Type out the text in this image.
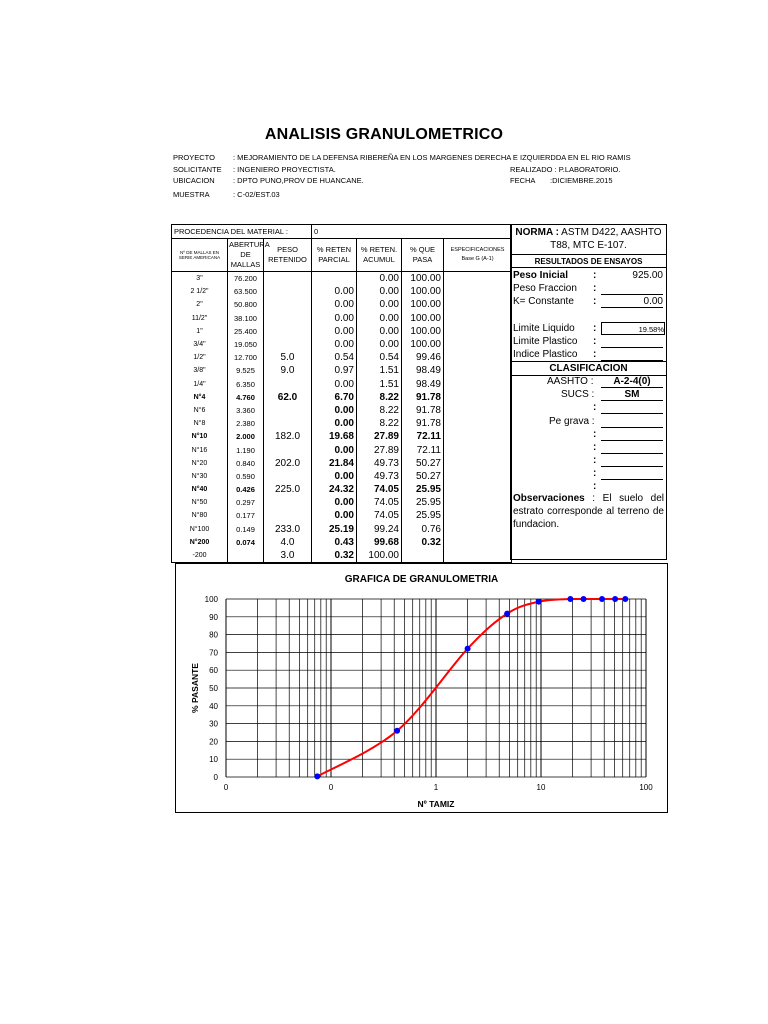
ANALISIS GRANULOMETRICO
PROYECTO : MEJORAMIENTO DE LA DEFENSA RIBEREÑA EN LOS MARGENES DERECHA E IZQUIERDDA EN EL RIO RAMIS
SOLICITANTE : INGENIERO PROYECTISTA.	REALIZADO : P.LABORATORIO.
UBICACION : DPTO PUNO,PROV DE HUANCANE.	FECHA :DICIEMBRE.2015
MUESTRA	: C-02/EST.03
PROCEDENCIA DEL MATERIAL :			0			
Nº DE MALLAS EN SERIE AMERICANA	ABERTURA DE MALLAS	PESO RETENIDO	% RETEN PARCIAL	% RETEN. ACUMUL	% QUE PASA	ESPECIFICACIONES
Base G (A-1)
3"	76.200			0.00	100.00	
2 1/2"	63.500		0.00	0.00	100.00	
2"	50.800		0.00	0.00	100.00	
11/2"	38.100		0.00	0.00	100.00	
1"	25.400		0.00	0.00	100.00	
3/4"	19.050		0.00	0.00	100.00	
1/2"	12.700	5.0	0.54	0.54	99.46	
3/8"	9.525	9.0	0.97	1.51	98.49	
1/4"	6.350		0.00	1.51	98.49	
N°4	4.760	62.0	6.70	8.22	91.78	
N°6	3.360		0.00	8.22	91.78	
N°8	2.380		0.00	8.22	91.78	
N°10	2.000	182.0	19.68	27.89	72.11	
N°16	1.190		0.00	27.89	72.11	
N°20	0.840	202.0	21.84	49.73	50.27	
N°30	0.590		0.00	49.73	50.27	
N°40	0.426	225.0	24.32	74.05	25.95	
N°50	0.297		0.00	74.05	25.95	
N°80	0.177		0.00	74.05	25.95	
N°100	0.149	233.0	25.19	99.24	0.76	
N°200	0.074	4.0	0.43	99.68	0.32	
-200		3.0	0.32	100.00		
NORMA : ASTM D422, AASHTO T88, MTC E-107.
RESULTADOS DE ENSAYOS
Peso Inicial :	925.00
Peso Fraccion :
K= Constante :	0.00
Limite Liquido :	19.58%
Limite Plastico :
Indice Plastico :
CLASIFICACION
AASHTO :	A-2-4(0)
SUCS :	SM
:
Pe grava :
:
:
:
:
:
Observaciones : El suelo del estrato corresponde al terreno de fundacion.
GRAFICA DE GRANULOMETRIA
0
10
20
30
40
50
60
70
80
90
100
0	0	1	10	100
Nº TAMIZ
% PASANTE
